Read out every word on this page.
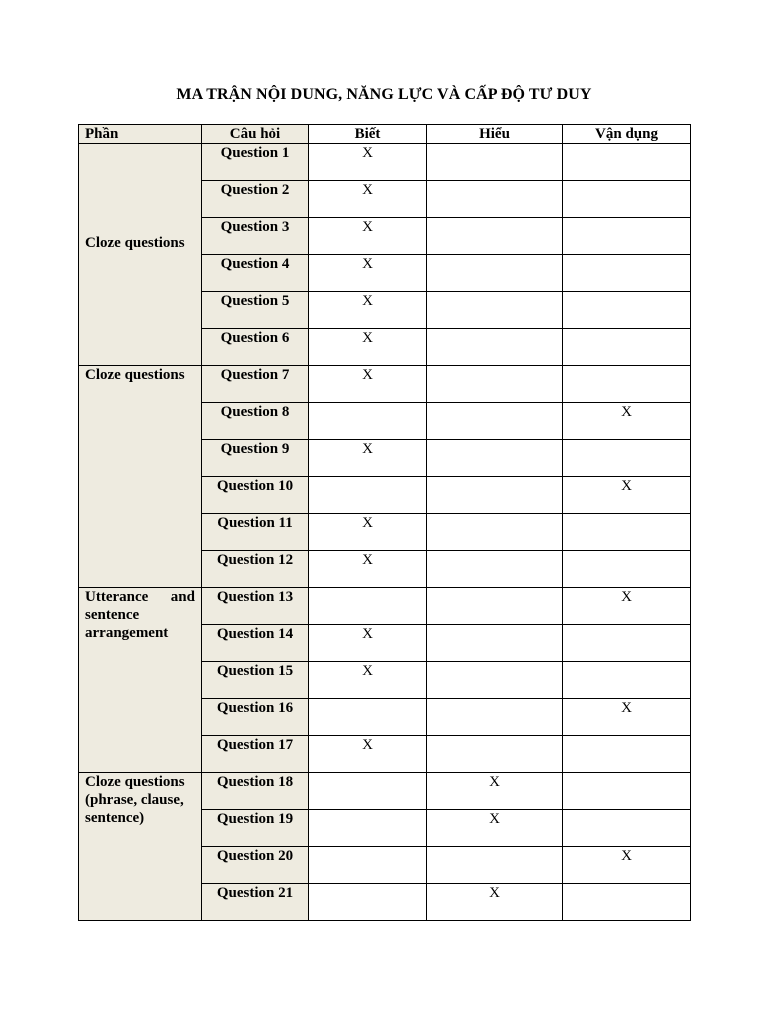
MA TRẬN NỘI DUNG, NĂNG LỰC VÀ CẤP ĐỘ TƯ DUY
Phần	Câu hỏi	Biết	Hiểu	Vận dụng

Cloze questions	Question 1	X		
	Question 2	X		
	Question 3	X		
	Question 4	X		
	Question 5	X		
	Question 6	X		

Cloze questions	Question 7	X		
	Question 8			X
	Question 9	X		
	Question 10			X
	Question 11	X		
	Question 12	X		

Utterance and sentence arrangement	Question 13			X
	Question 14	X		
	Question 15	X		
	Question 16			X
	Question 17	X		

Cloze questions (phrase, clause, sentence)	Question 18		X	
	Question 19		X	
	Question 20			X
	Question 21		X	
